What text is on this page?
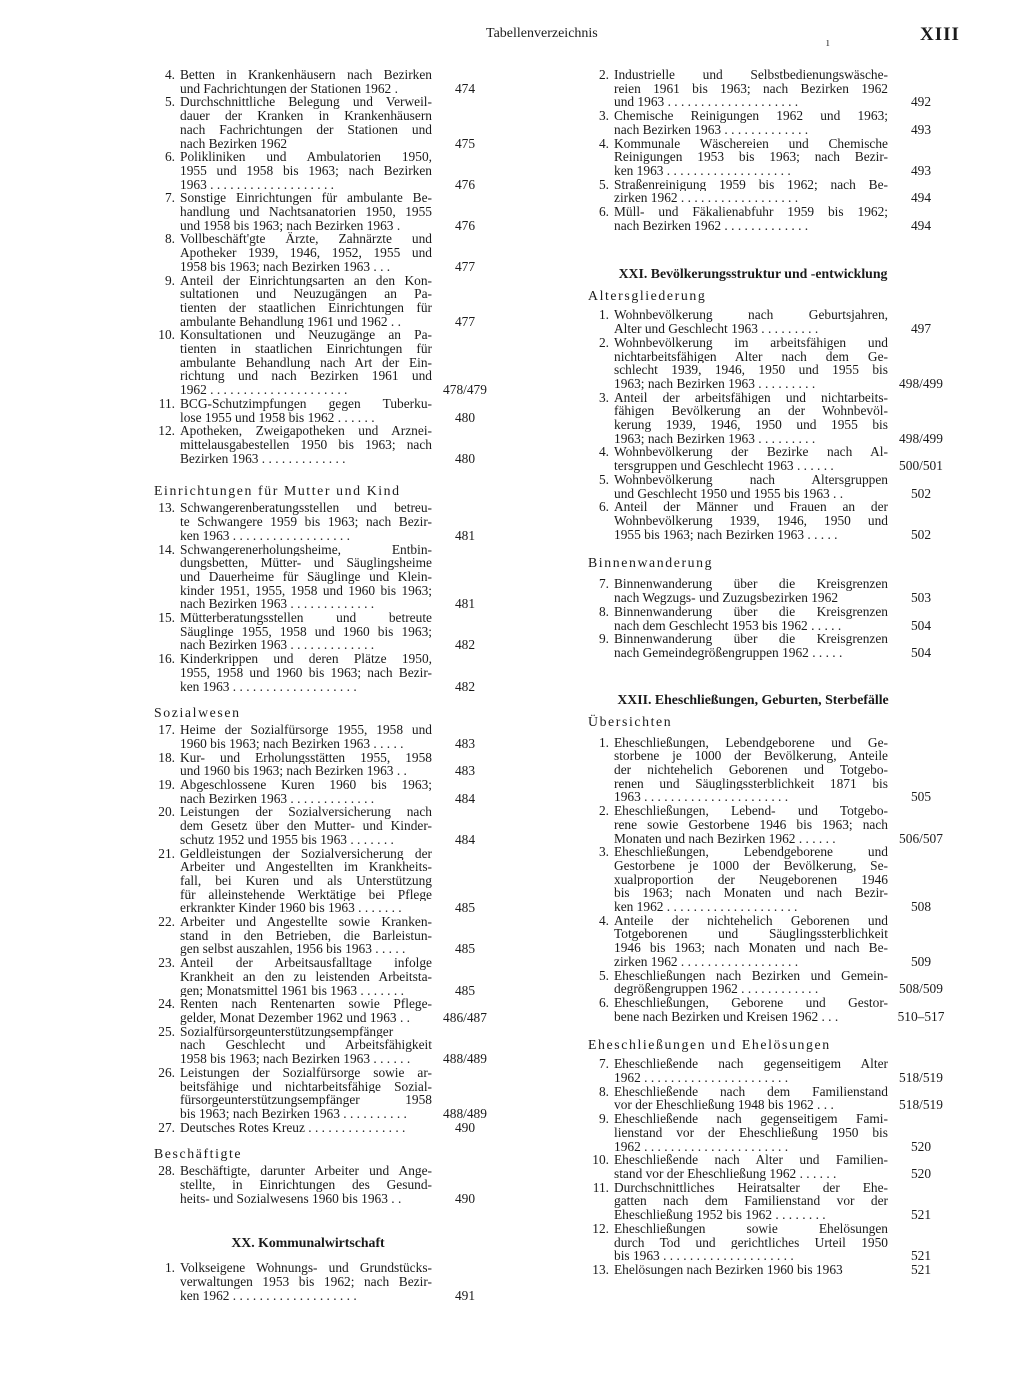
Tabellenverzeichnis
ı	XIII
4. Betten in Krankenhäusern nach Bezirken
und Fachrichtungen der Stationen 1962 .	474
5. Durchschnittliche Belegung und Verweil-
dauer der Kranken in Krankenhäusern
nach Fachrichtungen der Stationen und
nach Bezirken 1962	475
6. Polikliniken und Ambulatorien 1950,
1955 und 1958 bis 1963; nach Bezirken
1963 . . . . . . . . . . . . . . . . . . .	476
7. Sonstige Einrichtungen für ambulante Be-
handlung und Nachtsanatorien 1950, 1955
und 1958 bis 1963; nach Bezirken 1963 .	476
8. Vollbeschäft'gte Ärzte, Zahnärzte und
Apotheker 1939, 1946, 1952, 1955 und
1958 bis 1963; nach Bezirken 1963 . . .	477
9. Anteil der Einrichtungsarten an den Kon-
sultationen und Neuzugängen an Pa-
tienten der staatlichen Einrichtungen für
ambulante Behandlung 1961 und 1962 . .	477
10. Konsultationen und Neuzugänge an Pa-
tienten in staatlichen Einrichtungen für
ambulante Behandlung nach Art der Ein-
richtung und nach Bezirken 1961 und
1962 . . . . . . . . . . . . . . . . . . . . .	478/479
11. BCG-Schutzimpfungen gegen Tuberku-
lose 1955 und 1958 bis 1962 . . . . . .	480
12. Apotheken, Zweigapotheken und Arznei-
mittelausgabestellen 1950 bis 1963; nach
Bezirken 1963 . . . . . . . . . . . . .	480
Einrichtungen für Mutter und Kind
13. Schwangerenberatungsstellen und betreu-
te Schwangere 1959 bis 1963; nach Bezir-
ken 1963 . . . . . . . . . . . . . . . . . .	481
14. Schwangerenerholungsheime, Entbin-
dungsbetten, Mütter- und Säuglingsheime
und Dauerheime für Säuglinge und Klein-
kinder 1951, 1955, 1958 und 1960 bis 1963;
nach Bezirken 1963 . . . . . . . . . . . . .	481
15. Mütterberatungsstellen und betreute
Säuglinge 1955, 1958 und 1960 bis 1963;
nach Bezirken 1963 . . . . . . . . . . . . .	482
16. Kinderkrippen und deren Plätze 1950,
1955, 1958 und 1960 bis 1963; nach Bezir-
ken 1963 . . . . . . . . . . . . . . . . . . .	482
Sozialwesen
17. Heime der Sozialfürsorge 1955, 1958 und
1960 bis 1963; nach Bezirken 1963 . . . . .	483
18. Kur- und Erholungsstätten 1955, 1958
und 1960 bis 1963; nach Bezirken 1963 . .	483
19. Abgeschlossene Kuren 1960 bis 1963;
nach Bezirken 1963 . . . . . . . . . . . . .	484
20. Leistungen der Sozialversicherung nach
dem Gesetz über den Mutter- und Kinder-
schutz 1952 und 1955 bis 1963 . . . . . . .	484
21. Geldleistungen der Sozialversicherung der
Arbeiter und Angestellten im Krankheits-
fall, bei Kuren und als Unterstützung
für alleinstehende Werktätige bei Pflege
erkrankter Kinder 1960 bis 1963 . . . . . . .	485
22. Arbeiter und Angestellte sowie Kranken-
stand in den Betrieben, die Barleistun-
gen selbst auszahlen, 1956 bis 1963 . . . . .	485
23. Anteil der Arbeitsausfalltage infolge
Krankheit an den zu leistenden Arbeitsta-
gen; Monatsmittel 1961 bis 1963 . . . . . . .	485
24. Renten nach Rentenarten sowie Pflege-
gelder, Monat Dezember 1962 und 1963 . .	486/487
25. Sozialfürsorgeunterstützungsempfänger
nach Geschlecht und Arbeitsfähigkeit
1958 bis 1963; nach Bezirken 1963 . . . . . .	488/489
26. Leistungen der Sozialfürsorge sowie ar-
beitsfähige und nichtarbeitsfähige Sozial-
fürsorgeunterstützungsempfänger 1958
bis 1963; nach Bezirken 1963 . . . . . . . . . .	488/489
27. Deutsches Rotes Kreuz . . . . . . . . . . . . . . .	490
Beschäftigte
28. Beschäftigte, darunter Arbeiter und Ange-
stellte, in Einrichtungen des Gesund-
heits- und Sozialwesens 1960 bis 1963 . .	490
XX. Kommunalwirtschaft
1. Volkseigene Wohnungs- und Grundstücks-
verwaltungen 1953 bis 1962; nach Bezir-
ken 1962 . . . . . . . . . . . . . . . . . . .	491
2. Industrielle und Selbstbedienungswäsche-
reien 1961 bis 1963; nach Bezirken 1962
und 1963 . . . . . . . . . . . . . . . . . . . .	492
3. Chemische Reinigungen 1962 und 1963;
nach Bezirken 1963 . . . . . . . . . . . . .	493
4. Kommunale Wäschereien und Chemische
Reinigungen 1953 bis 1963; nach Bezir-
ken 1963 . . . . . . . . . . . . . . . . . . .	493
5. Straßenreinigung 1959 bis 1962; nach Be-
zirken 1962 . . . . . . . . . . . . . . . . . .	494
6. Müll- und Fäkalienabfuhr 1959 bis 1962;
nach Bezirken 1962 . . . . . . . . . . . . .	494
XXI. Bevölkerungsstruktur und -entwicklung
Altersgliederung
1. Wohnbevölkerung nach Geburtsjahren,
Alter und Geschlecht 1963 . . . . . . . . .	497
2. Wohnbevölkerung im arbeitsfähigen und
nichtarbeitsfähigen Alter nach dem Ge-
schlecht 1939, 1946, 1950 und 1955 bis
1963; nach Bezirken 1963 . . . . . . . . .	498/499
3. Anteil der arbeitsfähigen und nichtarbeits-
fähigen Bevölkerung an der Wohnbevöl-
kerung 1939, 1946, 1950 und 1955 bis
1963; nach Bezirken 1963 . . . . . . . . .	498/499
4. Wohnbevölkerung der Bezirke nach Al-
tersgruppen und Geschlecht 1963 . . . . . .	500/501
5. Wohnbevölkerung nach Altersgruppen
und Geschlecht 1950 und 1955 bis 1963 . .	502
6. Anteil der Männer und Frauen an der
Wohnbevölkerung 1939, 1946, 1950 und
1955 bis 1963; nach Bezirken 1963 . . . . .	502
Binnenwanderung
7. Binnenwanderung über die Kreisgrenzen
nach Wegzugs- und Zuzugsbezirken 1962	503
8. Binnenwanderung über die Kreisgrenzen
nach dem Geschlecht 1953 bis 1962 . . . . .	504
9. Binnenwanderung über die Kreisgrenzen
nach Gemeindegrößengruppen 1962 . . . . .	504
XXII. Eheschließungen, Geburten, Sterbefälle
Übersichten
1. Eheschließungen, Lebendgeborene und Ge-
storbene je 1000 der Bevölkerung, Anteile
der nichtehelich Geborenen und Totgebo-
renen und Säuglingssterblichkeit 1871 bis
1963 . . . . . . . . . . . . . . . . . . . . . .	505
2. Eheschließungen, Lebend- und Totgebo-
rene sowie Gestorbene 1946 bis 1963; nach
Monaten und nach Bezirken 1962 . . . . . .	506/507
3. Eheschließungen, Lebendgeborene und
Gestorbene je 1000 der Bevölkerung, Se-
xualproportion der Neugeborenen 1946
bis 1963; nach Monaten und nach Bezir-
ken 1962 . . . . . . . . . . . . . . . . . . . .	508
4. Anteile der nichtehelich Geborenen und
Totgeborenen und Säuglingssterblichkeit
1946 bis 1963; nach Monaten und nach Be-
zirken 1962 . . . . . . . . . . . . . . . . . .	509
5. Eheschließungen nach Bezirken und Gemein-
degrößengruppen 1962 . . . . . . . . . . . .	508/509
6. Eheschließungen, Geborene und Gestor-
bene nach Bezirken und Kreisen 1962 . . .	510–517
Eheschließungen und Ehelösungen
7. Eheschließende nach gegenseitigem Alter
1962 . . . . . . . . . . . . . . . . . . . . . .	518/519
8. Eheschließende nach dem Familienstand
vor der Eheschließung 1948 bis 1962 . . .	518/519
9. Eheschließende nach gegenseitigem Fami-
lienstand vor der Eheschließung 1950 bis
1962 . . . . . . . . . . . . . . . . . . . . . .	520
10. Eheschließende nach Alter und Familien-
stand vor der Eheschließung 1962 . . . . . .	520
11. Durchschnittliches Heiratsalter der Ehe-
gatten nach dem Familienstand vor der
Eheschließung 1952 bis 1962 . . . . . . . .	521
12. Eheschließungen sowie Ehelösungen
durch Tod und gerichtliches Urteil 1950
bis 1963 . . . . . . . . . . . . . . . . . . . .	521
13. Ehelösungen nach Bezirken 1960 bis 1963	521
